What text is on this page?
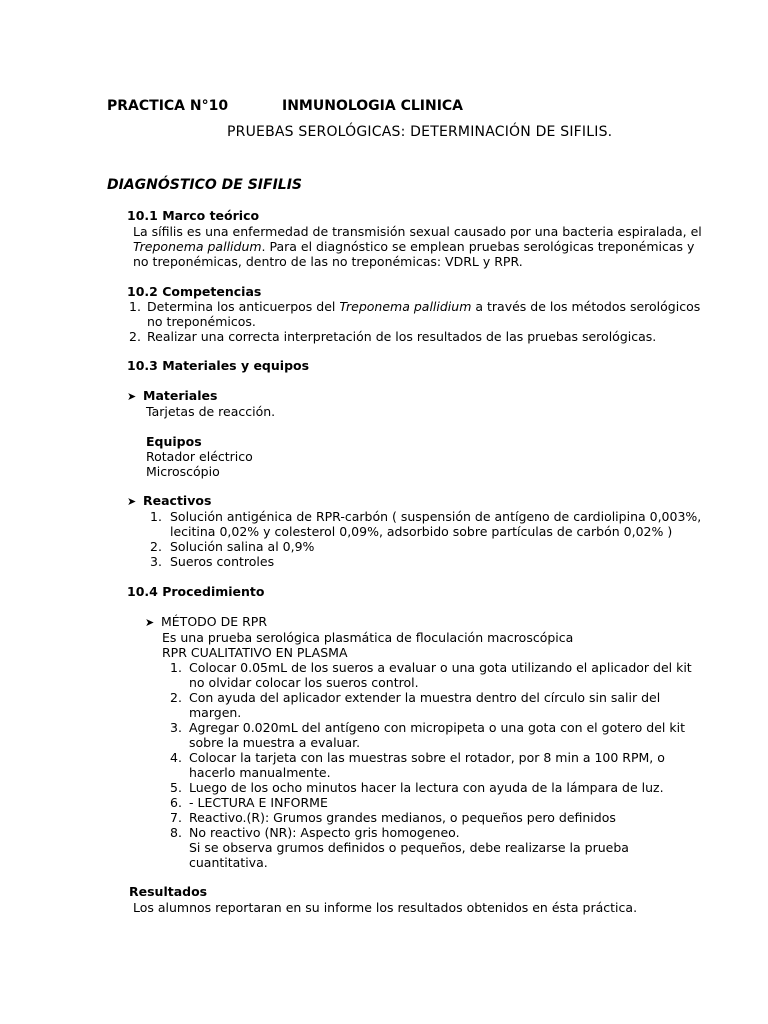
PRACTICA N°10	INMUNOLOGIA CLINICA
PRUEBAS SEROLÓGICAS: DETERMINACIÓN DE SIFILIS.
DIAGNÓSTICO DE SIFILIS
10.1 Marco teórico
La sífilis es una enfermedad de transmisión sexual causado por una bacteria espiralada, el
Treponema pallidum. Para el diagnóstico se emplean pruebas serológicas treponémicas y
no treponémicas, dentro de las no treponémicas: VDRL y RPR.
10.2 Competencias
1. Determina los anticuerpos del Treponema pallidium a través de los métodos serológicos
no treponémicos.
2. Realizar una correcta interpretación de los resultados de las pruebas serológicas.
10.3 Materiales y equipos
➤ Materiales
Tarjetas de reacción.
Equipos
Rotador eléctrico
Microscópio
➤ Reactivos
1. Solución antigénica de RPR-carbón ( suspensión de antígeno de cardiolipina 0,003%,
lecitina 0,02% y colesterol 0,09%, adsorbido sobre partículas de carbón 0,02% )
2. Solución salina al 0,9%
3. Sueros controles
10.4 Procedimiento
➤ MÉTODO DE RPR
Es una prueba serológica plasmática de floculación macroscópica
RPR CUALITATIVO EN PLASMA
1. Colocar 0.05mL de los sueros a evaluar o una gota utilizando el aplicador del kit
no olvidar colocar los sueros control.
2. Con ayuda del aplicador extender la muestra dentro del círculo sin salir del
margen.
3. Agregar 0.020mL del antígeno con micropipeta o una gota con el gotero del kit
sobre la muestra a evaluar.
4. Colocar la tarjeta con las muestras sobre el rotador, por 8 min a 100 RPM, o
hacerlo manualmente.
5. Luego de los ocho minutos hacer la lectura con ayuda de la lámpara de luz.
6. - LECTURA E INFORME
7. Reactivo.(R): Grumos grandes medianos, o pequeños pero definidos
8. No reactivo (NR): Aspecto gris homogeneo.
Si se observa grumos definidos o pequeños, debe realizarse la prueba
cuantitativa.
Resultados
Los alumnos reportaran en su informe los resultados obtenidos en ésta práctica.
